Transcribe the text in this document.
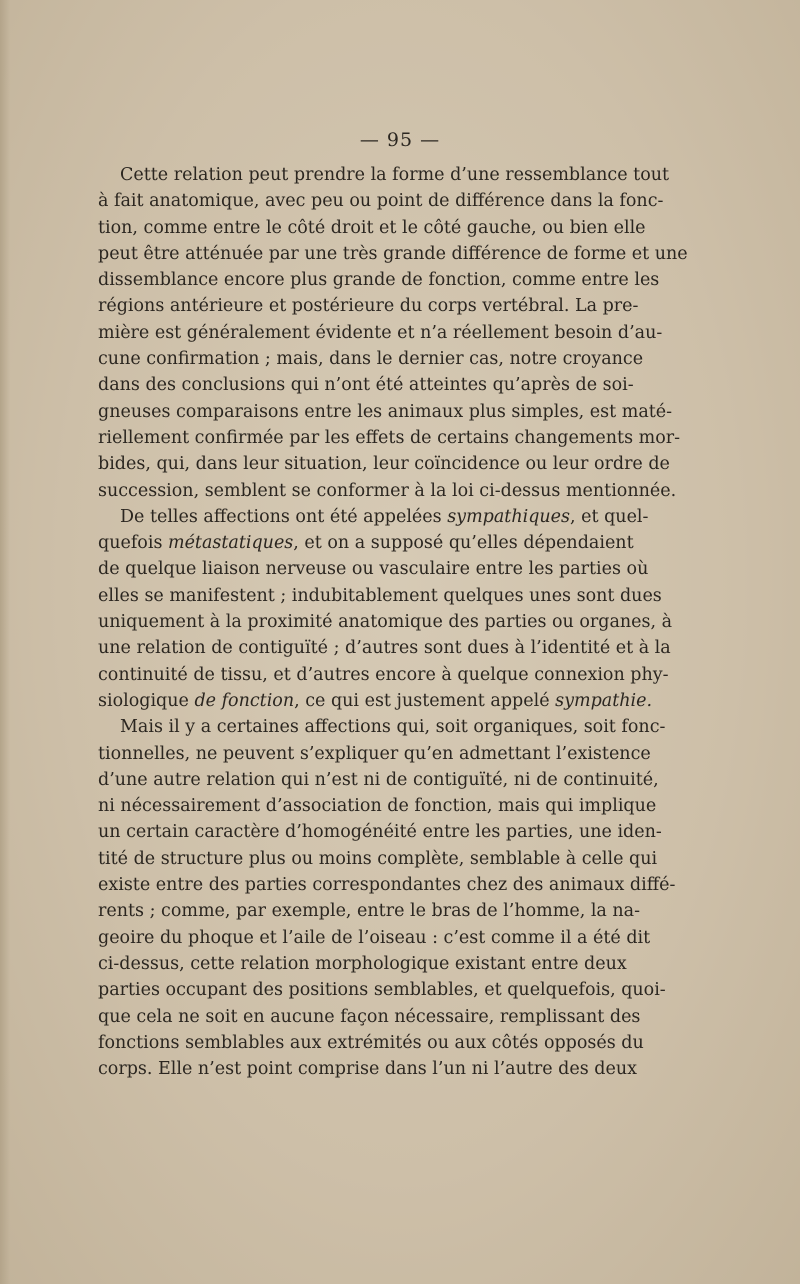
— 95 —
Cette relation peut prendre la forme d’une ressemblance tout
à fait anatomique, avec peu ou point de différence dans la fonc-
tion, comme entre le côté droit et le côté gauche, ou bien elle
peut être atténuée par une très grande différence de forme et une
dissemblance encore plus grande de fonction, comme entre les
régions antérieure et postérieure du corps vertébral. La pre-
mière est généralement évidente et n’a réellement besoin d’au-
cune confirmation ; mais, dans le dernier cas, notre croyance
dans des conclusions qui n’ont été atteintes qu’après de soi-
gneuses comparaisons entre les animaux plus simples, est maté-
riellement confirmée par les effets de certains changements mor-
bides, qui, dans leur situation, leur coïncidence ou leur ordre de
succession, semblent se conformer à la loi ci-dessus mentionnée.
De telles affections ont été appelées sympathiques, et quel-
quefois métastatiques, et on a supposé qu’elles dépendaient
de quelque liaison nerveuse ou vasculaire entre les parties où
elles se manifestent ; indubitablement quelques unes sont dues
uniquement à la proximité anatomique des parties ou organes, à
une relation de contiguïté ; d’autres sont dues à l’identité et à la
continuité de tissu, et d’autres encore à quelque connexion phy-
siologique de fonction, ce qui est justement appelé sympathie.
Mais il y a certaines affections qui, soit organiques, soit fonc-
tionnelles, ne peuvent s’expliquer qu’en admettant l’existence
d’une autre relation qui n’est ni de contiguïté, ni de continuité,
ni nécessairement d’association de fonction, mais qui implique
un certain caractère d’homogénéité entre les parties, une iden-
tité de structure plus ou moins complète, semblable à celle qui
existe entre des parties correspondantes chez des animaux diffé-
rents ; comme, par exemple, entre le bras de l’homme, la na-
geoire du phoque et l’aile de l’oiseau : c’est comme il a été dit
ci-dessus, cette relation morphologique existant entre deux
parties occupant des positions semblables, et quelquefois, quoi-
que cela ne soit en aucune façon nécessaire, remplissant des
fonctions semblables aux extrémités ou aux côtés opposés du
corps. Elle n’est point comprise dans l’un ni l’autre des deux
